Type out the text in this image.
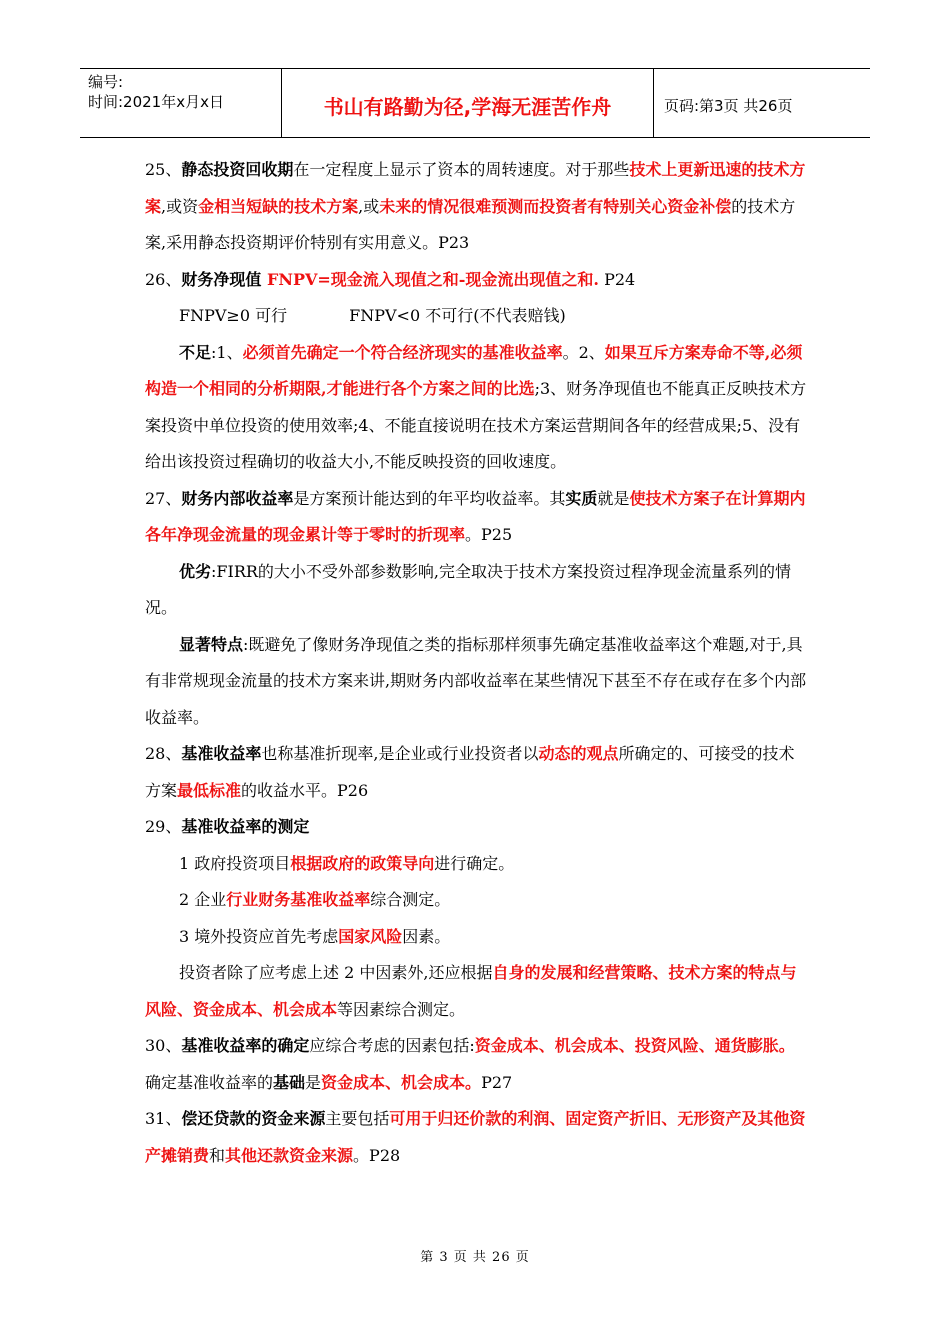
编号:
时间:2021年x月x日	书山有路勤为径,学海无涯苦作舟	页码:第3页 共26页

25、静态投资回收期在一定程度上显示了资本的周转速度。对于那些技术上更新迅速的技术方案,或资金相当短缺的技术方案,或未来的情况很难预测而投资者有特别关心资金补偿的技术方案,采用静态投资期评价特别有实用意义。P23

26、财务净现值 FNPV=现金流入现值之和-现金流出现值之和. P24

FNPV≥0 可行	FNPV<0 不可行(不代表赔钱)

不足:1、必须首先确定一个符合经济现实的基准收益率。2、如果互斥方案寿命不等,必须构造一个相同的分析期限,才能进行各个方案之间的比选;3、财务净现值也不能真正反映技术方案投资中单位投资的使用效率;4、不能直接说明在技术方案运营期间各年的经营成果;5、没有给出该投资过程确切的收益大小,不能反映投资的回收速度。

27、财务内部收益率是方案预计能达到的年平均收益率。其实质就是使技术方案子在计算期内各年净现金流量的现金累计等于零时的折现率。P25

优劣:FIRR的大小不受外部参数影响,完全取决于技术方案投资过程净现金流量系列的情况。

显著特点:既避免了像财务净现值之类的指标那样须事先确定基准收益率这个难题,对于,具有非常规现金流量的技术方案来讲,期财务内部收益率在某些情况下甚至不存在或存在多个内部收益率。

28、基准收益率也称基准折现率,是企业或行业投资者以动态的观点所确定的、可接受的技术方案最低标准的收益水平。P26

29、基准收益率的测定

1 政府投资项目根据政府的政策导向进行确定。

2 企业行业财务基准收益率综合测定。

3 境外投资应首先考虑国家风险因素。

投资者除了应考虑上述 2 中因素外,还应根据自身的发展和经营策略、技术方案的特点与风险、资金成本、机会成本等因素综合测定。

30、基准收益率的确定应综合考虑的因素包括:资金成本、机会成本、投资风险、通货膨胀。确定基准收益率的基础是资金成本、机会成本。P27

31、偿还贷款的资金来源主要包括可用于归还价款的利润、固定资产折旧、无形资产及其他资产摊销费和其他还款资金来源。P28

第 3 页 共 26 页
